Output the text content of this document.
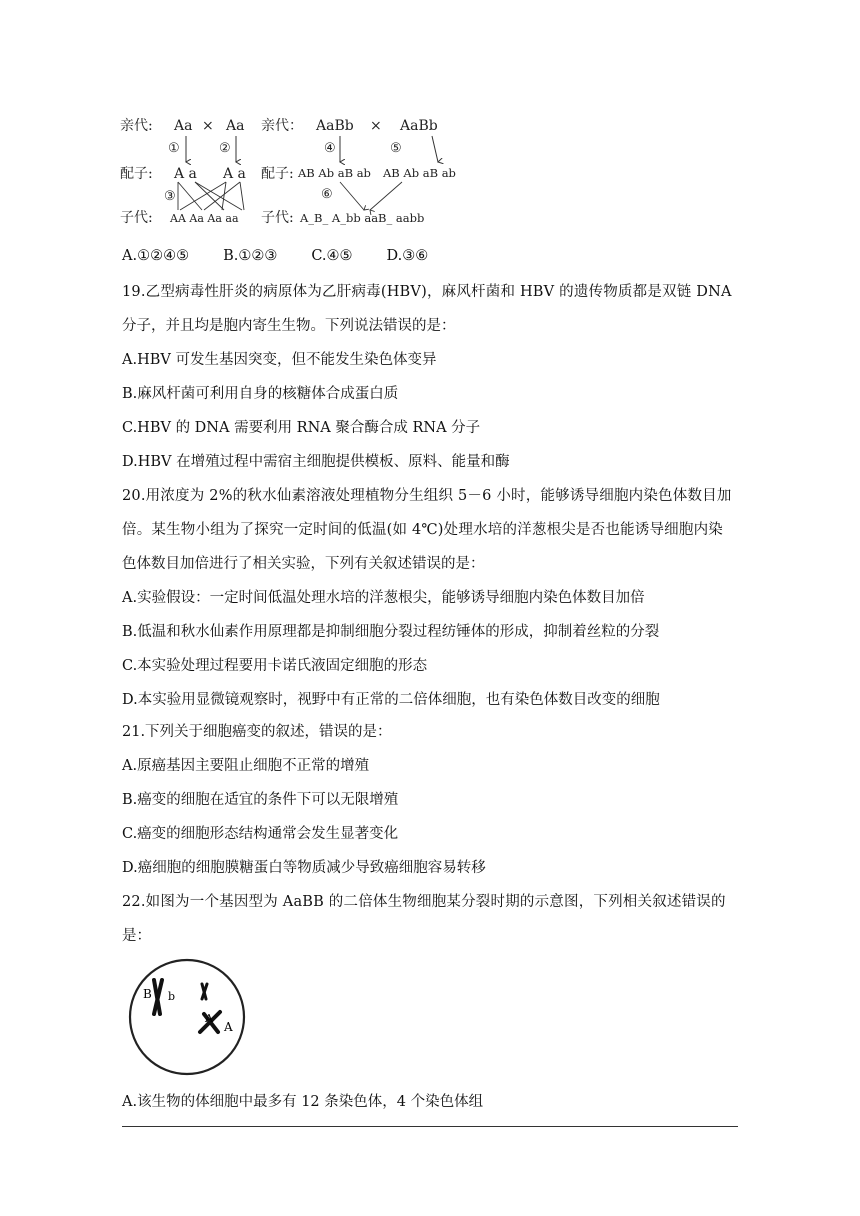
亲代:
配子:
子代:
Aa × Aa
①	②
A a A a
③
AA Aa Aa aa
亲代： AaBb × AaBb
④	⑤
配子: AB Ab aB ab AB Ab aB ab
⑥
子代: A_B_ A_bb aaB_ aabb
A.①②④⑤ B.①②③ C.④⑤ D.③⑥
19.乙型病毒性肝炎的病原体为乙肝病毒(HBV)，麻风杆菌和 HBV 的遗传物质都是双链 DNA
分子，并且均是胞内寄生生物。下列说法错误的是：
A.HBV 可发生基因突变，但不能发生染色体变异
B.麻风杆菌可利用自身的核糖体合成蛋白质
C.HBV 的 DNA 需要利用 RNA 聚合酶合成 RNA 分子
D.HBV 在增殖过程中需宿主细胞提供模板、原料、能量和酶
20.用浓度为 2%的秋水仙素溶液处理植物分生组织 5－6 小时，能够诱导细胞内染色体数目加
倍。某生物小组为了探究一定时间的低温(如 4℃)处理水培的洋葱根尖是否也能诱导细胞内染
色体数目加倍进行了相关实验，下列有关叙述错误的是：
A.实验假设：一定时间低温处理水培的洋葱根尖，能够诱导细胞内染色体数目加倍
B.低温和秋水仙素作用原理都是抑制细胞分裂过程纺锤体的形成，抑制着丝粒的分裂
C.本实验处理过程要用卡诺氏液固定细胞的形态
D.本实验用显微镜观察时，视野中有正常的二倍体细胞，也有染色体数目改变的细胞
21.下列关于细胞癌变的叙述，错误的是：
A.原癌基因主要阻止细胞不正常的增殖
B.癌变的细胞在适宜的条件下可以无限增殖
C.癌变的细胞形态结构通常会发生显著变化
D.癌细胞的细胞膜糖蛋白等物质减少导致癌细胞容易转移
22.如图为一个基因型为 AaBB 的二倍体生物细胞某分裂时期的示意图，下列相关叙述错误的
是：
B b
A
A
A.该生物的体细胞中最多有 12 条染色体，4 个染色体组
